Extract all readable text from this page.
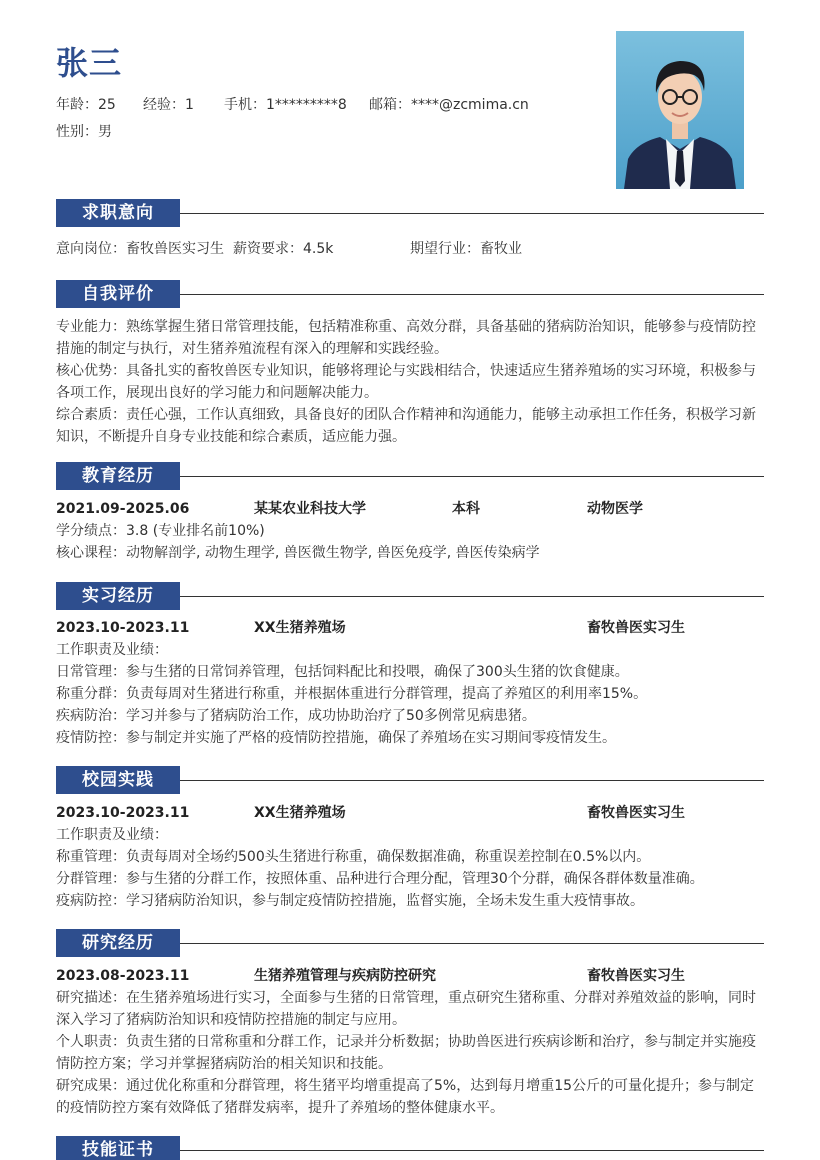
张三
年龄：25	经验：1	手机：1*********8	邮箱：****@zcmima.cn
性别：男
求职意向
意向岗位：畜牧兽医实习生 薪资要求：4.5k	期望行业：畜牧业
自我评价
专业能力：熟练掌握生猪日常管理技能，包括精准称重、高效分群，具备基础的猪病防治知识，能够参与疫情防控
措施的制定与执行，对生猪养殖流程有深入的理解和实践经验。
核心优势：具备扎实的畜牧兽医专业知识，能够将理论与实践相结合，快速适应生猪养殖场的实习环境，积极参与
各项工作，展现出良好的学习能力和问题解决能力。
综合素质：责任心强，工作认真细致，具备良好的团队合作精神和沟通能力，能够主动承担工作任务，积极学习新
知识，不断提升自身专业技能和综合素质，适应能力强。
教育经历
2021.09-2025.06	某某农业科技大学	本科	动物医学
学分绩点：3.8 (专业排名前10%)
核心课程：动物解剖学, 动物生理学, 兽医微生物学, 兽医免疫学, 兽医传染病学
实习经历
2023.10-2023.11	XX生猪养殖场	畜牧兽医实习生
工作职责及业绩：
日常管理：参与生猪的日常饲养管理，包括饲料配比和投喂，确保了300头生猪的饮食健康。
称重分群：负责每周对生猪进行称重，并根据体重进行分群管理，提高了养殖区的利用率15%。
疾病防治：学习并参与了猪病防治工作，成功协助治疗了50多例常见病患猪。
疫情防控：参与制定并实施了严格的疫情防控措施，确保了养殖场在实习期间零疫情发生。
校园实践
2023.10-2023.11	XX生猪养殖场	畜牧兽医实习生
工作职责及业绩：
称重管理：负责每周对全场约500头生猪进行称重，确保数据准确，称重误差控制在0.5%以内。
分群管理：参与生猪的分群工作，按照体重、品种进行合理分配，管理30个分群，确保各群体数量准确。
疫病防控：学习猪病防治知识，参与制定疫情防控措施，监督实施，全场未发生重大疫情事故。
研究经历
2023.08-2023.11	生猪养殖管理与疾病防控研究	畜牧兽医实习生
研究描述：在生猪养殖场进行实习，全面参与生猪的日常管理，重点研究生猪称重、分群对养殖效益的影响，同时
深入学习了猪病防治知识和疫情防控措施的制定与应用。
个人职责：负责生猪的日常称重和分群工作，记录并分析数据；协助兽医进行疾病诊断和治疗，参与制定并实施疫
情防控方案；学习并掌握猪病防治的相关知识和技能。
研究成果：通过优化称重和分群管理，将生猪平均增重提高了5%，达到每月增重15公斤的可量化提升；参与制定
的疫情防控方案有效降低了猪群发病率，提升了养殖场的整体健康水平。
技能证书
